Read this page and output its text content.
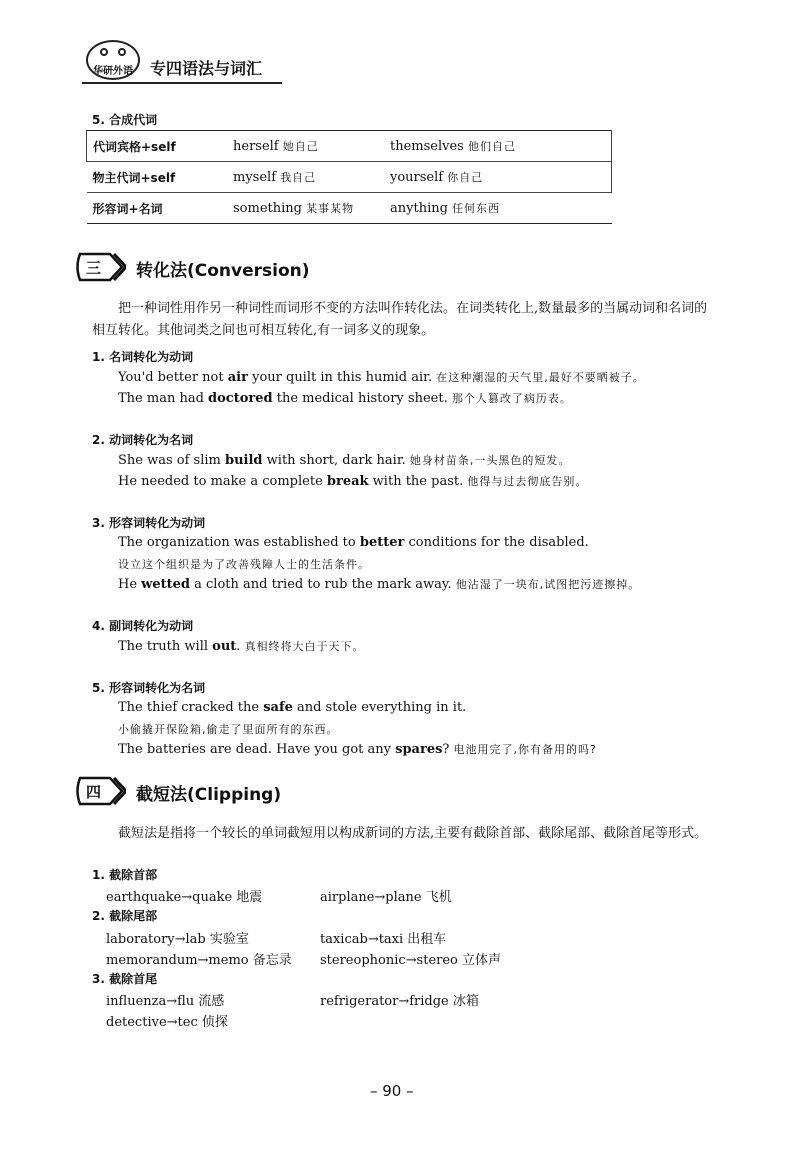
华研外语	专四语法与词汇
5. 合成代词
代词宾格+self	herself 她自己	themselves 他们自己
物主代词+self	myself 我自己	yourself 你自己
形容词+名词	something 某事某物	anything 任何东西
三 转化法(Conversion)
把一种词性用作另一种词性而词形不变的方法叫作转化法。在词类转化上,数量最多的当属动词和名词的相互转化。其他词类之间也可相互转化,有一词多义的现象。
1. 名词转化为动词
You'd better not air your quilt in this humid air. 在这种潮湿的天气里,最好不要晒被子。
The man had doctored the medical history sheet. 那个人篡改了病历表。
2. 动词转化为名词
She was of slim build with short, dark hair. 她身材苗条,一头黑色的短发。
He needed to make a complete break with the past. 他得与过去彻底告别。
3. 形容词转化为动词
The organization was established to better conditions for the disabled.
设立这个组织是为了改善残障人士的生活条件。
He wetted a cloth and tried to rub the mark away. 他沾湿了一块布,试图把污迹擦掉。
4. 副词转化为动词
The truth will out. 真相终将大白于天下。
5. 形容词转化为名词
The thief cracked the safe and stole everything in it.
小偷撬开保险箱,偷走了里面所有的东西。
The batteries are dead. Have you got any spares? 电池用完了,你有备用的吗?
四 截短法(Clipping)
截短法是指将一个较长的单词截短用以构成新词的方法,主要有截除首部、截除尾部、截除首尾等形式。
1. 截除首部
earthquake→quake 地震	airplane→plane 飞机
2. 截除尾部
laboratory→lab 实验室	taxicab→taxi 出租车
memorandum→memo 备忘录 stereophonic→stereo 立体声
3. 截除首尾
influenza→flu 流感	refrigerator→fridge 冰箱
detective→tec 侦探
– 90 –
